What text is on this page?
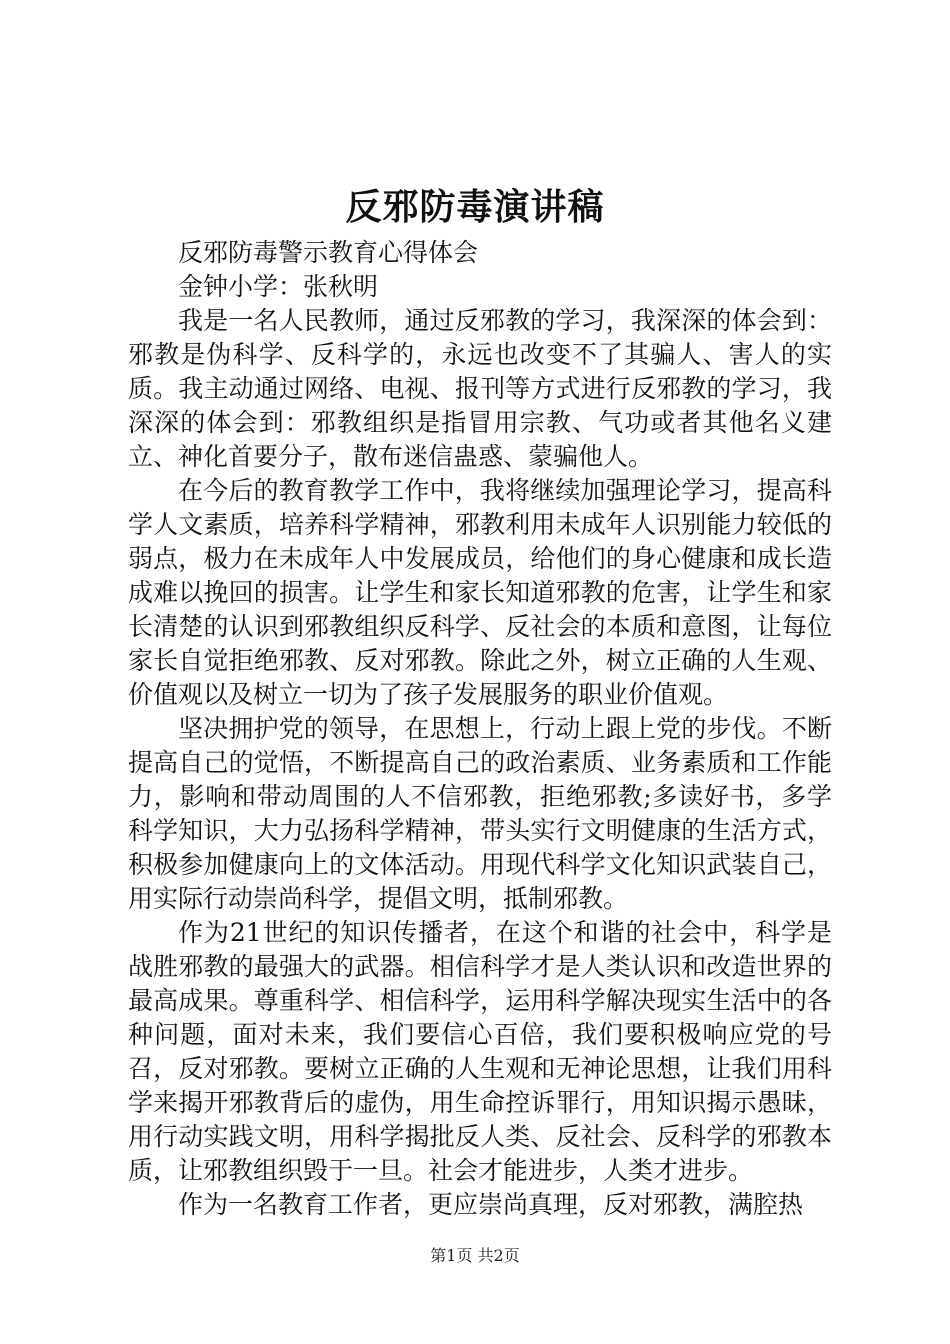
反邪防毒演讲稿

反邪防毒警示教育心得体会

金钟小学：张秋明

我是一名人民教师，通过反邪教的学习，我深深的体会到：邪教是伪科学、反科学的，永远也改变不了其骗人、害人的实质。我主动通过网络、电视、报刊等方式进行反邪教的学习，我深深的体会到：邪教组织是指冒用宗教、气功或者其他名义建立、神化首要分子，散布迷信蛊惑、蒙骗他人。

在今后的教育教学工作中，我将继续加强理论学习，提高科学人文素质，培养科学精神，邪教利用未成年人识别能力较低的弱点，极力在未成年人中发展成员，给他们的身心健康和成长造成难以挽回的损害。让学生和家长知道邪教的危害，让学生和家长清楚的认识到邪教组织反科学、反社会的本质和意图，让每位家长自觉拒绝邪教、反对邪教。除此之外，树立正确的人生观、价值观以及树立一切为了孩子发展服务的职业价值观。

坚决拥护党的领导，在思想上，行动上跟上党的步伐。不断提高自己的觉悟，不断提高自己的政治素质、业务素质和工作能力，影响和带动周围的人不信邪教，拒绝邪教;多读好书，多学科学知识，大力弘扬科学精神，带头实行文明健康的生活方式，积极参加健康向上的文体活动。用现代科学文化知识武装自己，用实际行动崇尚科学，提倡文明，抵制邪教。

作为21世纪的知识传播者，在这个和谐的社会中，科学是战胜邪教的最强大的武器。相信科学才是人类认识和改造世界的最高成果。尊重科学、相信科学，运用科学解决现实生活中的各种问题，面对未来，我们要信心百倍，我们要积极响应党的号召，反对邪教。要树立正确的人生观和无神论思想，让我们用科学来揭开邪教背后的虚伪，用生命控诉罪行，用知识揭示愚昧，用行动实践文明，用科学揭批反人类、反社会、反科学的邪教本质，让邪教组织毁于一旦。社会才能进步，人类才进步。

作为一名教育工作者，更应崇尚真理，反对邪教，满腔热

第1页 共2页
